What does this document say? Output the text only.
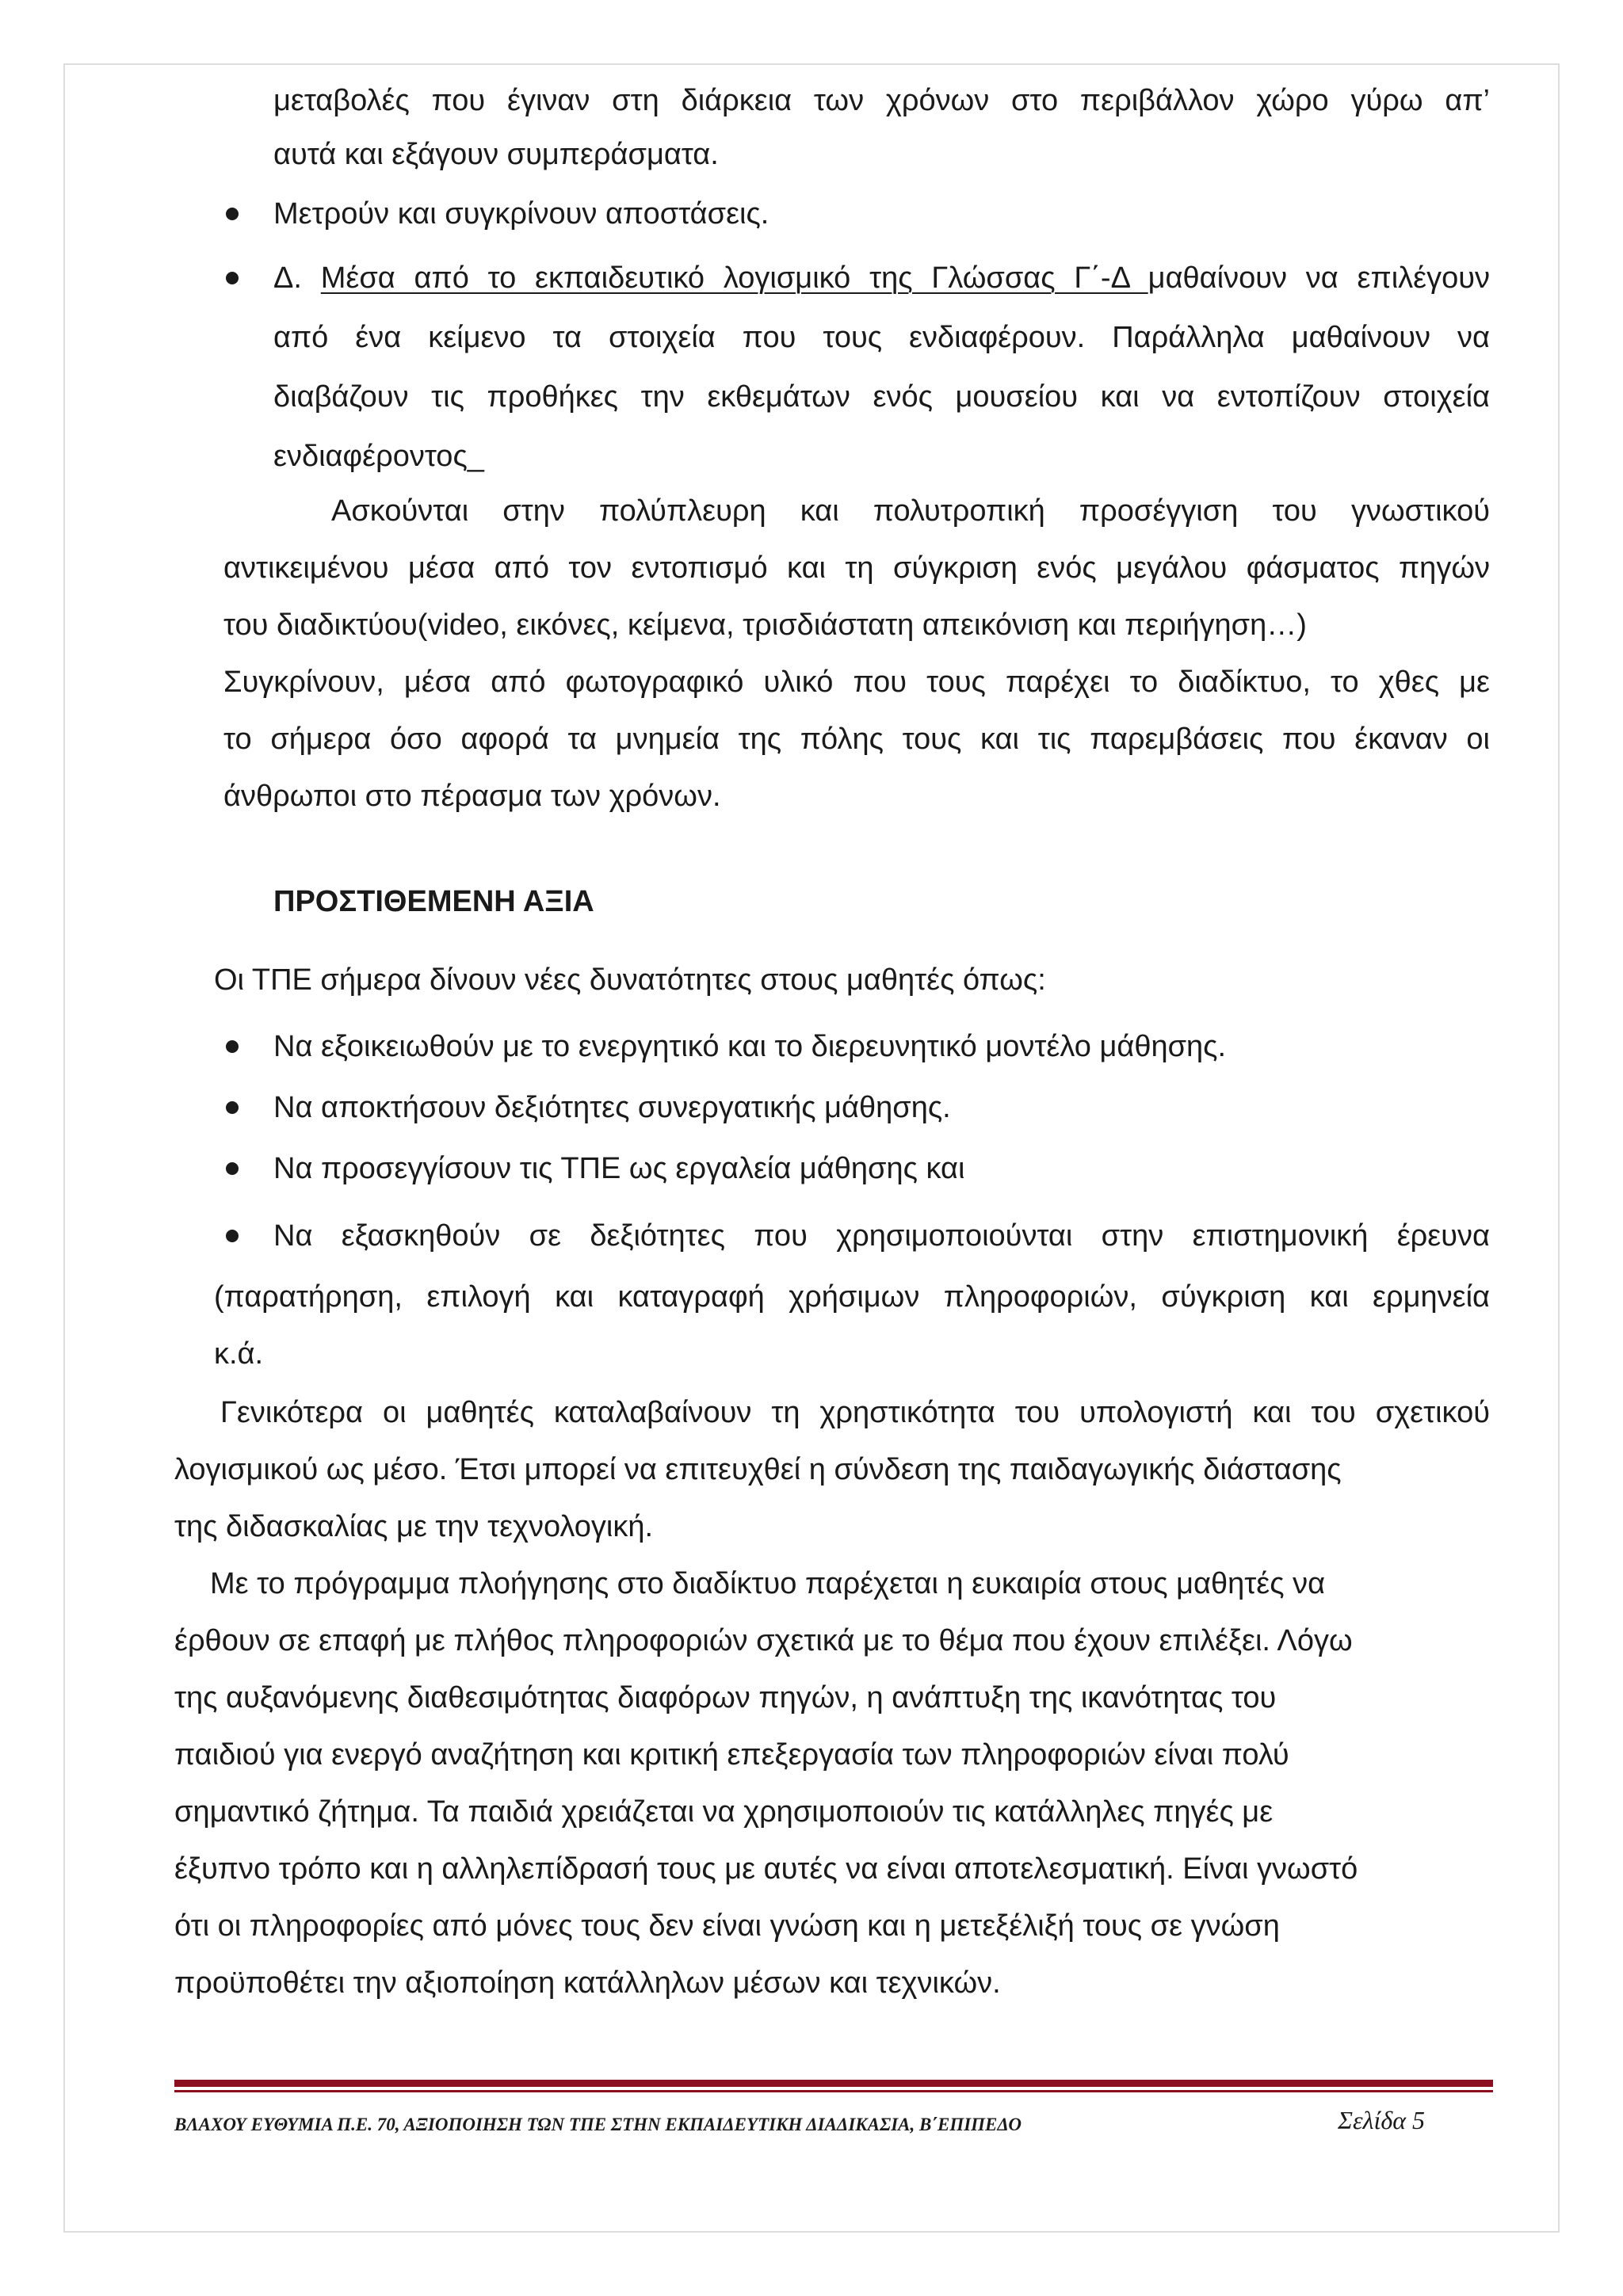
μεταβολές που έγιναν στη διάρκεια των χρόνων στο περιβάλλον χώρο γύρω απ’
αυτά και εξάγουν συμπεράσματα.
Μετρούν και συγκρίνουν αποστάσεις.
Δ. Μέσα από το εκπαιδευτικό λογισμικό της Γλώσσας Γ΄-Δ μαθαίνουν να επιλέγουν
από ένα κείμενο τα στοιχεία που τους ενδιαφέρουν. Παράλληλα μαθαίνουν να
διαβάζουν τις προθήκες την εκθεμάτων ενός μουσείου και να εντοπίζουν στοιχεία
ενδιαφέροντος_
Ασκούνται στην πολύπλευρη και πολυτροπική προσέγγιση του γνωστικού
αντικειμένου μέσα από τον εντοπισμό και τη σύγκριση ενός μεγάλου φάσματος πηγών
του διαδικτύου(video, εικόνες, κείμενα, τρισδιάστατη απεικόνιση και περιήγηση…)
Συγκρίνουν, μέσα από φωτογραφικό υλικό που τους παρέχει το διαδίκτυο, το χθες με
το σήμερα όσο αφορά τα μνημεία της πόλης τους και τις παρεμβάσεις που έκαναν οι
άνθρωποι στο πέρασμα των χρόνων.
ΠΡΟΣΤΙΘΕΜΕΝΗ ΑΞΙΑ
Οι ΤΠΕ σήμερα δίνουν νέες δυνατότητες στους μαθητές όπως:
Να εξοικειωθούν με το ενεργητικό και το διερευνητικό μοντέλο μάθησης.
Να αποκτήσουν δεξιότητες συνεργατικής μάθησης.
Να προσεγγίσουν τις ΤΠΕ ως εργαλεία μάθησης και
Να εξασκηθούν σε δεξιότητες που χρησιμοποιούνται στην επιστημονική έρευνα
(παρατήρηση, επιλογή και καταγραφή χρήσιμων πληροφοριών, σύγκριση και ερμηνεία
κ.ά.
Γενικότερα οι μαθητές καταλαβαίνουν τη χρηστικότητα του υπολογιστή και του σχετικού
λογισμικού ως μέσο. Έτσι μπορεί να επιτευχθεί η σύνδεση της παιδαγωγικής διάστασης
της διδασκαλίας με την τεχνολογική.
Με το πρόγραμμα πλοήγησης στο διαδίκτυο παρέχεται η ευκαιρία στους μαθητές να
έρθουν σε επαφή με πλήθος πληροφοριών σχετικά με το θέμα που έχουν επιλέξει. Λόγω
της αυξανόμενης διαθεσιμότητας διαφόρων πηγών, η ανάπτυξη της ικανότητας του
παιδιού για ενεργό αναζήτηση και κριτική επεξεργασία των πληροφοριών είναι πολύ
σημαντικό ζήτημα. Τα παιδιά χρειάζεται να χρησιμοποιούν τις κατάλληλες πηγές με
έξυπνο τρόπο και η αλληλεπίδρασή τους με αυτές να είναι αποτελεσματική. Είναι γνωστό
ότι οι πληροφορίες από μόνες τους δεν είναι γνώση και η μετεξέλιξή τους σε γνώση
προϋποθέτει την αξιοποίηση κατάλληλων μέσων και τεχνικών.
ΒΛΑΧΟΥ ΕΥΘΥΜΙΑ Π.Ε. 70, ΑΞΙΟΠΟΙΗΣΗ ΤΩΝ ΤΠΕ ΣΤΗΝ ΕΚΠΑΙΔΕΥΤΙΚΗ ΔΙΑΔΙΚΑΣΙΑ, Β΄ΕΠΙΠΕΔΟ	Σελίδα 5
